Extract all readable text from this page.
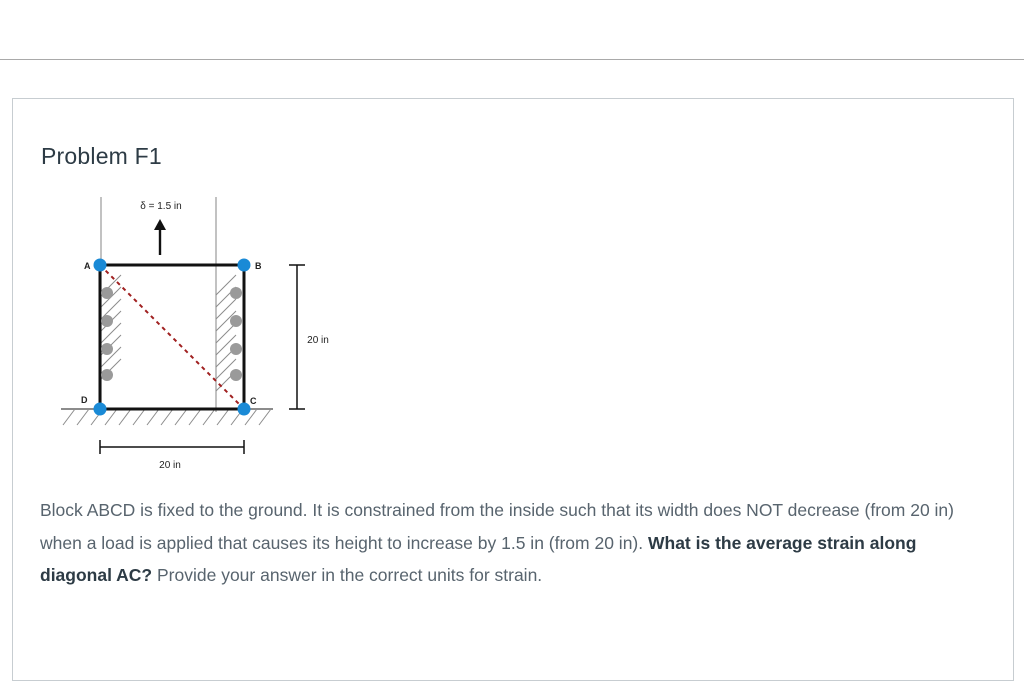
Problem F1
δ = 1.5 in
A	B
C
D
20 in
20 in

Block ABCD is fixed to the ground. It is constrained from the inside such that its width does NOT decrease (from 20 in) when a load is applied that causes its height to increase by 1.5 in (from 20 in). What is the average strain along diagonal AC? Provide your answer in the correct units for strain.
